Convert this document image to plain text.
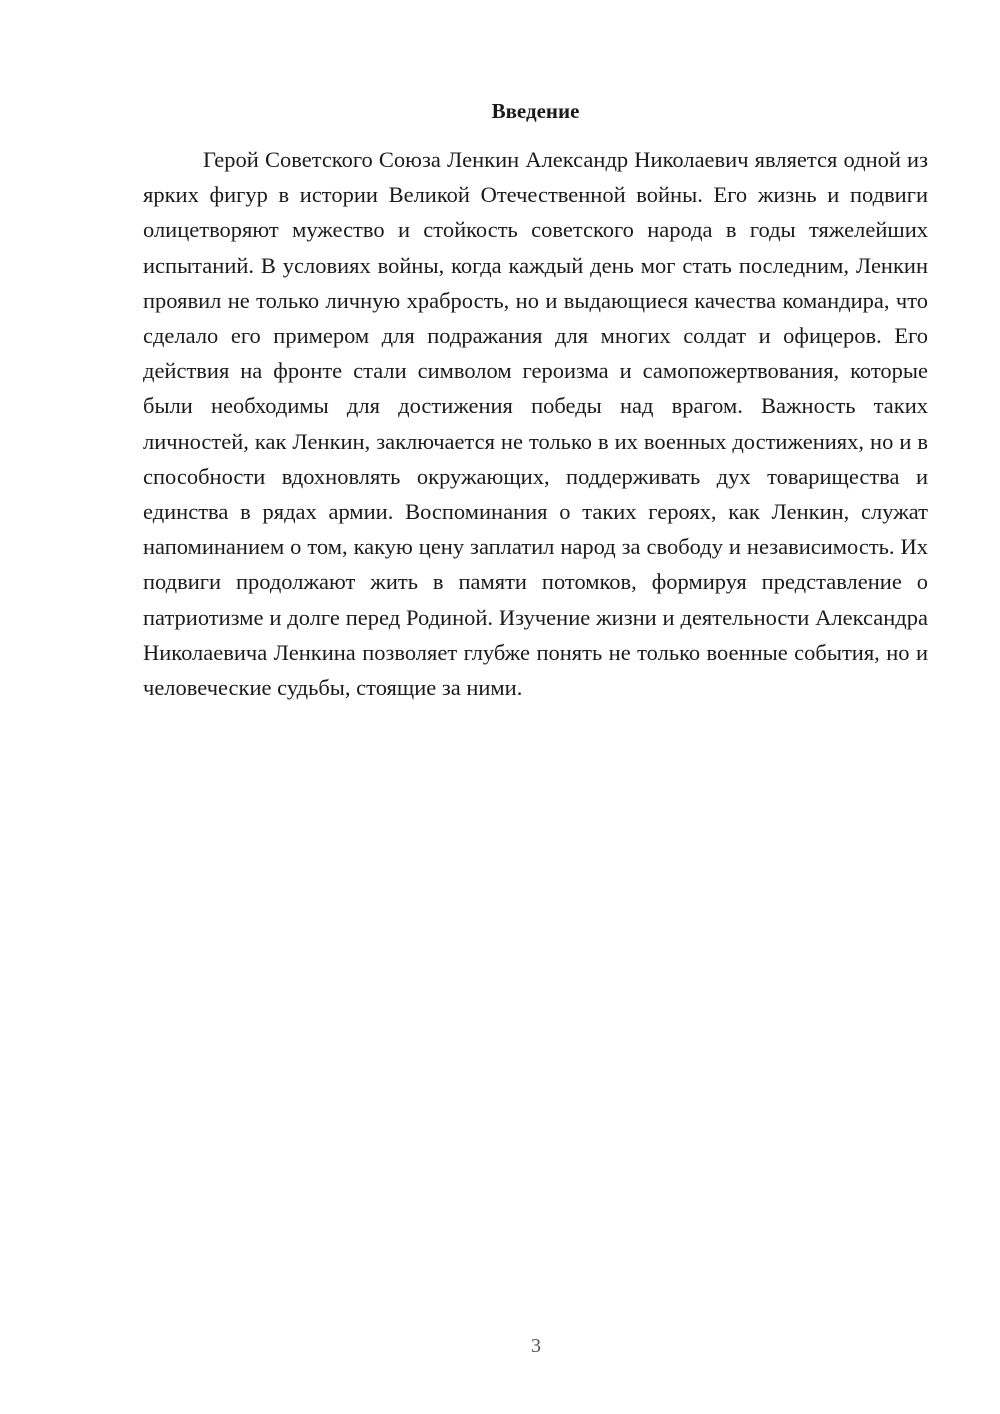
Введение

Герой Советского Союза Ленкин Александр Николаевич является одной из ярких фигур в истории Великой Отечественной войны. Его жизнь и подвиги олицетворяют мужество и стойкость советского народа в годы тяжелейших испытаний. В условиях войны, когда каждый день мог стать последним, Ленкин проявил не только личную храбрость, но и выдающиеся качества командира, что сделало его примером для подражания для многих солдат и офицеров. Его действия на фронте стали символом героизма и самопожертвования, которые были необходимы для достижения победы над врагом. Важность таких личностей, как Ленкин, заключается не только в их военных достижениях, но и в способности вдохновлять окружающих, поддерживать дух товарищества и единства в рядах армии. Воспоминания о таких героях, как Ленкин, служат напоминанием о том, какую цену заплатил народ за свободу и независимость. Их подвиги продолжают жить в памяти потомков, формируя представление о патриотизме и долге перед Родиной. Изучение жизни и деятельности Александра Николаевича Ленкина позволяет глубже понять не только военные события, но и человеческие судьбы, стоящие за ними.

3
